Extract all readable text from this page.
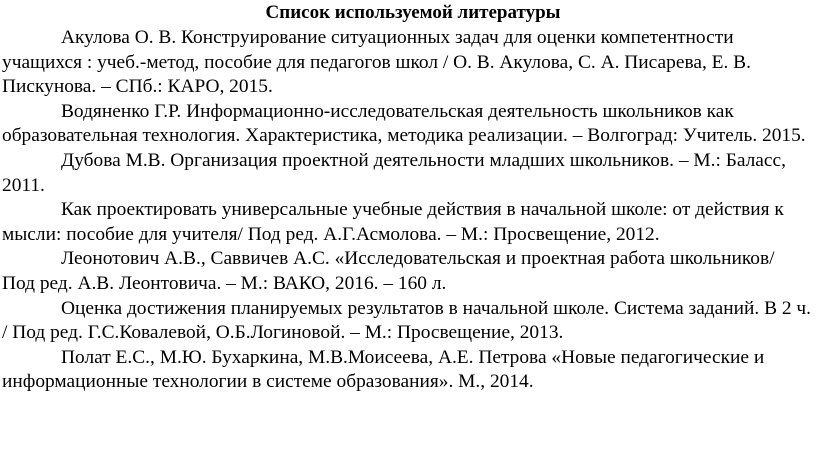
Список используемой литературы

Акулова О. В. Конструирование ситуационных задач для оценки компетентности учащихся : учеб.-метод, пособие для педагогов школ / О. В. Акулова, С. А. Писарева, Е. В. Пискунова. – СПб.: КАРО, 2015.

Водяненко Г.Р. Информационно-исследовательская деятельность школьников как образовательная технология. Характеристика, методика реализации. – Волгоград: Учитель. 2015.

Дубова М.В. Организация проектной деятельности младших школьников. – М.: Баласс, 2011.

Как проектировать универсальные учебные действия в начальной школе: от действия к мысли: пособие для учителя/ Под ред. А.Г.Асмолова. – М.: Просвещение, 2012.

Леонотович А.В., Саввичев А.С. «Исследовательская и проектная работа школьников/ Под ред. А.В. Леонтовича. – М.: ВАКО, 2016. – 160 л.

Оценка достижения планируемых результатов в начальной школе. Система заданий. В 2 ч. / Под ред. Г.С.Ковалевой, О.Б.Логиновой. – М.: Просвещение, 2013.

Полат Е.С., М.Ю. Бухаркина, М.В.Моисеева, А.Е. Петрова «Новые педагогические и информационные технологии в системе образования». М., 2014.
